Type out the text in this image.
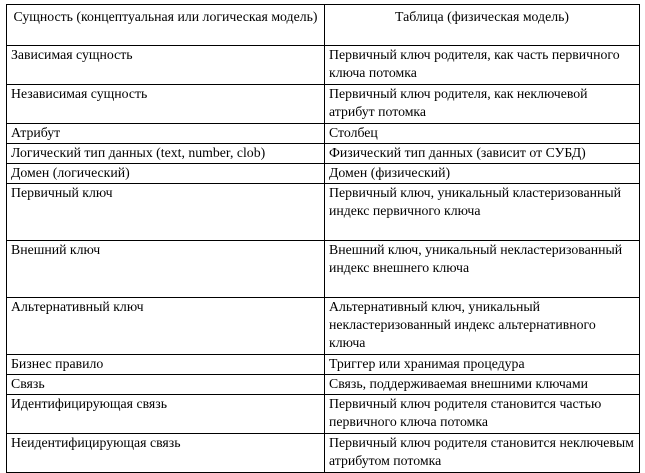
Сущность (концептуальная или логическая модель)	Таблица (физическая модель)

Зависимая сущность	Первичный ключ родителя, как часть первичного ключа потомка

Независимая сущность	Первичный ключ родителя, как неключевой атрибут потомка

Атрибут	Столбец

Логический тип данных (text, number, clob)	Физический тип данных (зависит от СУБД)

Домен (логический)	Домен (физический)

Первичный ключ	Первичный ключ, уникальный кластеризованный индекс первичного ключа

Внешний ключ	Внешний ключ, уникальный некластеризованный индекс внешнего ключа

Альтернативный ключ	Альтернативный ключ, уникальный некластеризованный индекс альтернативного ключа

Бизнес правило	Триггер или хранимая процедура

Связь	Связь, поддерживаемая внешними ключами

Идентифицирующая связь	Первичный ключ родителя становится частью первичного ключа потомка

Неидентифицирующая связь	Первичный ключ родителя становится неключевым атрибутом потомка
